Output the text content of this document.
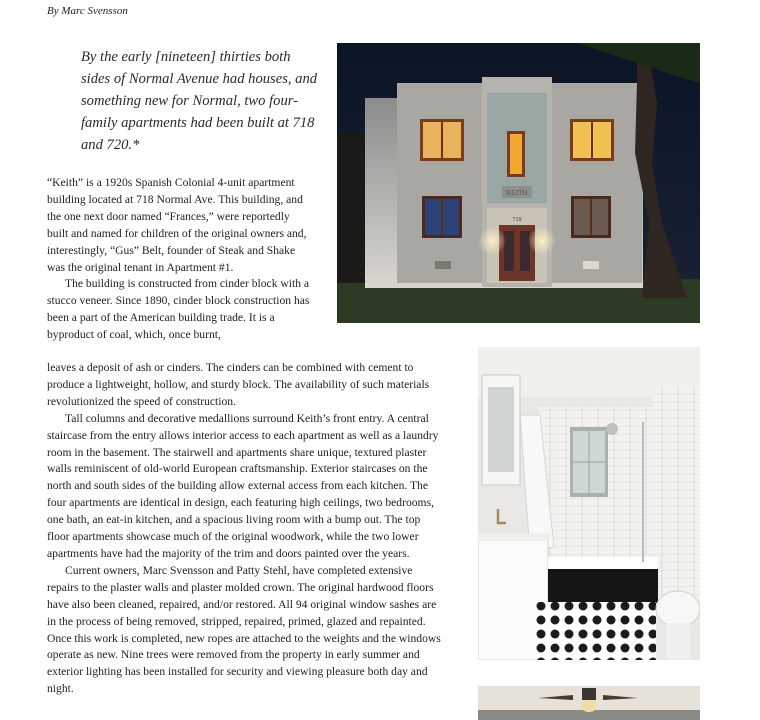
By Marc Svensson
By the early [nineteen] thirties both sides of Normal Avenue had houses, and something new for Normal, two four-family apartments had been built at 718 and 720.*

“Keith” is a 1920s Spanish Colonial 4-unit apartment building located at 718 Normal Ave. This building, and the one next door named “Frances,” were reportedly built and named for children of the original owners and, interestingly, “Gus” Belt, founder of Steak and Shake was the original tenant in Apartment #1.

The building is constructed from cinder block with a stucco veneer. Since 1890, cinder block construction has been a part of the American building trade. It is a byproduct of coal, which, once burnt,

leaves a deposit of ash or cinders. The cinders can be combined with cement to produce a lightweight, hollow, and sturdy block. The availability of such materials revolutionized the speed of construction.

Tall columns and decorative medallions surround Keith’s front entry. A central staircase from the entry allows interior access to each apartment as well as a laundry room in the basement. The stairwell and apartments share unique, textured plaster walls reminiscent of old-world European craftsmanship. Exterior staircases on the north and south sides of the building allow external access from each kitchen. The four apartments are identical in design, each featuring high ceilings, two bedrooms, one bath, an eat-in kitchen, and a spacious living room with a bump out. The top floor apartments showcase much of the original woodwork, while the two lower apartments have had the majority of the trim and doors painted over the years.

Current owners, Marc Svensson and Patty Stehl, have completed extensive repairs to the plaster walls and plaster molded crown. The original hardwood floors have also been cleaned, repaired, and/or restored. All 94 original window sashes are in the process of being removed, stripped, repaired, primed, glazed and repainted. Once this work is completed, new ropes are attached to the weights and the windows operate as new. Nine trees were removed from the property in early summer and exterior lighting has been installed for security and viewing pleasure both day and night.

KEITH
718
